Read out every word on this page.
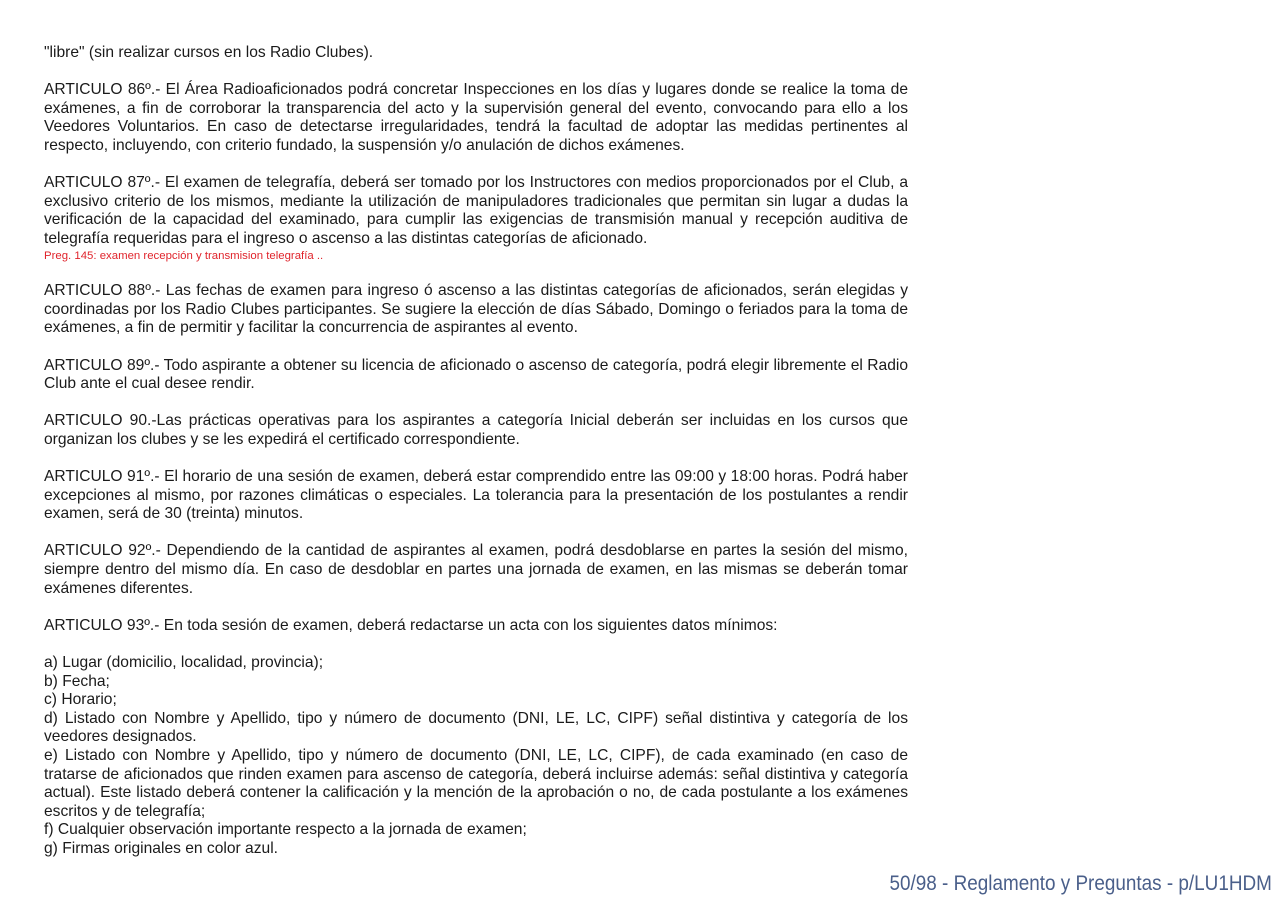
"libre" (sin realizar cursos en los Radio Clubes).

ARTICULO 86º.- El Área Radioaficionados podrá concretar Inspecciones en los días y lugares donde se realice la toma de exámenes, a fin de corroborar la transparencia del acto y la supervisión general del evento, convocando para ello a los Veedores Voluntarios. En caso de detectarse irregularidades, tendrá la facultad de adoptar las medidas pertinentes al respecto, incluyendo, con criterio fundado, la suspensión y/o anulación de dichos exámenes.

ARTICULO 87º.- El examen de telegrafía, deberá ser tomado por los Instructores con medios proporcionados por el Club, a exclusivo criterio de los mismos, mediante la utilización de manipuladores tradicionales que permitan sin lugar a dudas la verificación de la capacidad del examinado, para cumplir las exigencias de transmisión manual y recepción auditiva de telegrafía requeridas para el ingreso o ascenso a las distintas categorías de aficionado.

Preg. 145: examen recepción y transmision telegrafía ..

ARTICULO 88º.- Las fechas de examen para ingreso ó ascenso a las distintas categorías de aficionados, serán elegidas y coordinadas por los Radio Clubes participantes. Se sugiere la elección de días Sábado, Domingo o feriados para la toma de exámenes, a fin de permitir y facilitar la concurrencia de aspirantes al evento.

ARTICULO 89º.- Todo aspirante a obtener su licencia de aficionado o ascenso de categoría, podrá elegir libremente el Radio Club ante el cual desee rendir.

ARTICULO 90.-Las prácticas operativas para los aspirantes a categoría Inicial deberán ser incluidas en los cursos que organizan los clubes y se les expedirá el certificado correspondiente.

ARTICULO 91º.- El horario de una sesión de examen, deberá estar comprendido entre las 09:00 y 18:00 horas. Podrá haber excepciones al mismo, por razones climáticas o especiales. La tolerancia para la presentación de los postulantes a rendir examen, será de 30 (treinta) minutos.

ARTICULO 92º.- Dependiendo de la cantidad de aspirantes al examen, podrá desdoblarse en partes la sesión del mismo, siempre dentro del mismo día. En caso de desdoblar en partes una jornada de examen, en las mismas se deberán tomar exámenes diferentes.

ARTICULO 93º.- En toda sesión de examen, deberá redactarse un acta con los siguientes datos mínimos:

a) Lugar (domicilio, localidad, provincia);

b) Fecha;

c) Horario;

d) Listado con Nombre y Apellido, tipo y número de documento (DNI, LE, LC, CIPF) señal distintiva y categoría de los veedores designados.

e) Listado con Nombre y Apellido, tipo y número de documento (DNI, LE, LC, CIPF), de cada examinado (en caso de tratarse de aficionados que rinden examen para ascenso de categoría, deberá incluirse además: señal distintiva y categoría actual). Este listado deberá contener la calificación y la mención de la aprobación o no, de cada postulante a los exámenes escritos y de telegrafía;

f) Cualquier observación importante respecto a la jornada de examen;

g) Firmas originales en color azul.

50/98 - Reglamento y Preguntas - p/LU1HDM
